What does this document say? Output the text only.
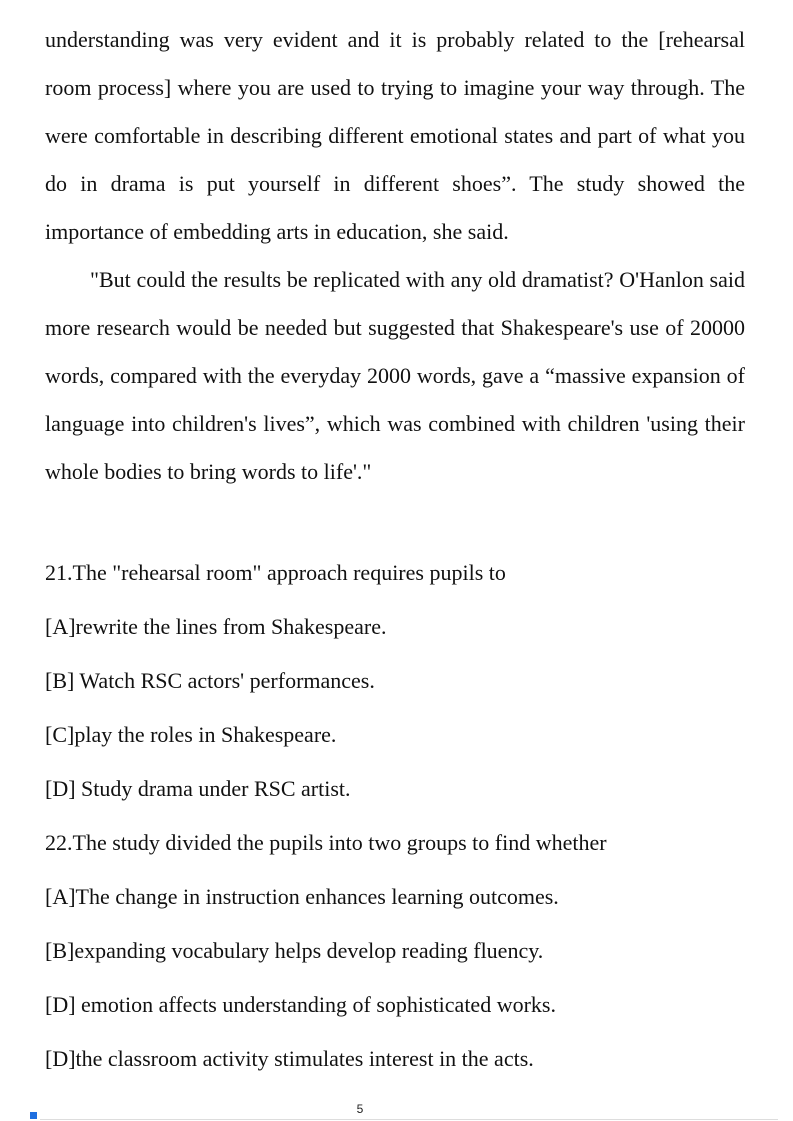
understanding was very evident and it is probably related to the [rehearsal room process] where you are used to trying to imagine your way through. The were comfortable in describing different emotional states and part of what you do in drama is put yourself in different shoes”. The study showed the importance of embedding arts in education, she said.

"But could the results be replicated with any old dramatist? O'Hanlon said more research would be needed but suggested that Shakespeare's use of 20000 words, compared with the everyday 2000 words, gave a “massive expansion of language into children's lives”, which was combined with children 'using their whole bodies to bring words to life'."

21.The "rehearsal room" approach requires pupils to

[A]rewrite the lines from Shakespeare.

[B] Watch RSC actors' performances.

[C]play the roles in Shakespeare.

[D] Study drama under RSC artist.

22.The study divided the pupils into two groups to find whether

[A]The change in instruction enhances learning outcomes.

[B]expanding vocabulary helps develop reading fluency.

[D] emotion affects understanding of sophisticated works.

[D]the classroom activity stimulates interest in the acts.

5
